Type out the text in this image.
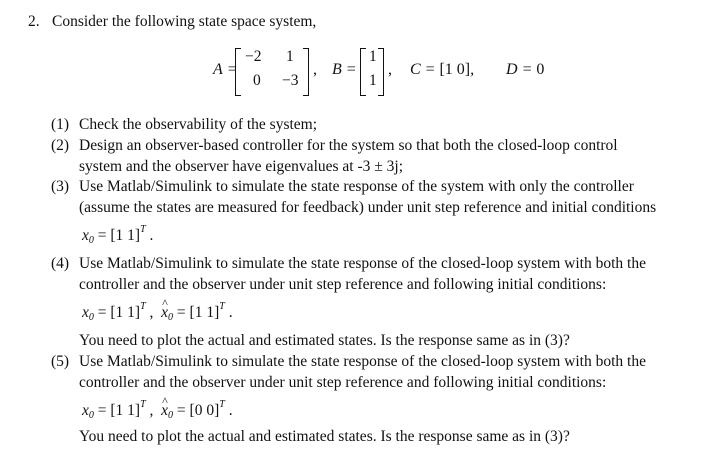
2. Consider the following state space system,
A =
−2 1
0 −3
, B =
1
1
, C = [1 0], D = 0
(1) Check the observability of the system;
(2) Design an observer-based controller for the system so that both the closed-loop control
system and the observer have eigenvalues at -3 ± 3j;
(3) Use Matlab/Simulink to simulate the state response of the system with only the controller
(assume the states are measured for feedback) under unit step reference and initial conditions
$x_0 = [1$ 1]$^T$ .
(4) Use Matlab/Simulink to simulate the state response of the closed-loop system with both the
controller and the observer under unit step reference and following initial conditions:
$x_0 = [1$ 1]$^T$ , ^ $x_0 = [1$ 1]$^T$ .
You need to plot the actual and estimated states. Is the response same as in (3)?
(5) Use Matlab/Simulink to simulate the state response of the closed-loop system with both the
controller and the observer under unit step reference and following initial conditions:
$x_0 = [1$ 1]$^T$ , ^ $x_0 = [0$ 0]$^T$ .
You need to plot the actual and estimated states. Is the response same as in (3)?
